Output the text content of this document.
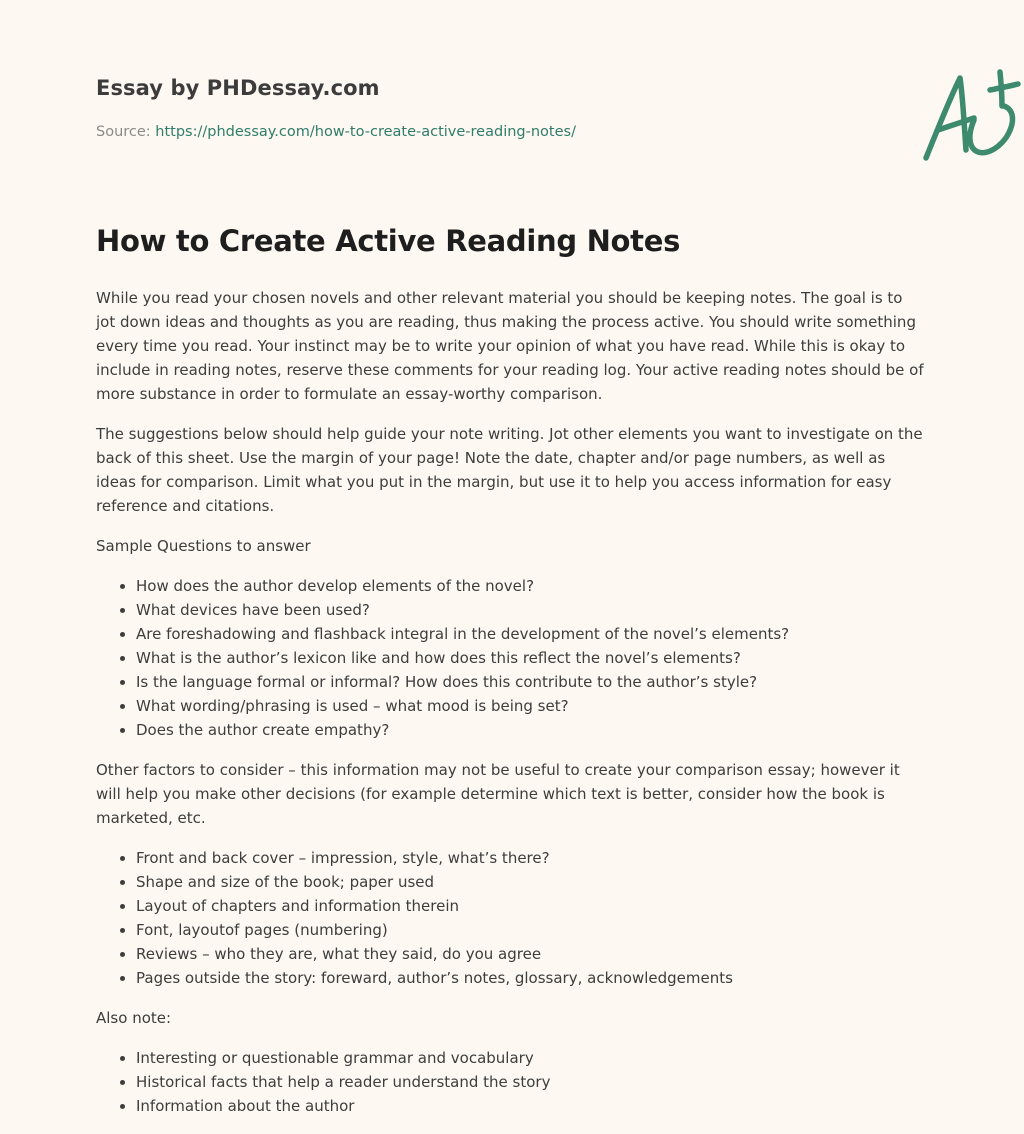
Essay by PHDessay.com
Source: https://phdessay.com/how-to-create-active-reading-notes/
How to Create Active Reading Notes

While you read your chosen novels and other relevant material you should be keeping notes. The goal is to jot down ideas and thoughts as you are reading, thus making the process active. You should write something every time you read. Your instinct may be to write your opinion of what you have read. While this is okay to include in reading notes, reserve these comments for your reading log. Your active reading notes should be of more substance in order to formulate an essay-worthy comparison.

The suggestions below should help guide your note writing. Jot other elements you want to investigate on the back of this sheet. Use the margin of your page! Note the date, chapter and/or page numbers, as well as ideas for comparison. Limit what you put in the margin, but use it to help you access information for easy reference and citations.

Sample Questions to answer

• How does the author develop elements of the novel?
• What devices have been used?
• Are foreshadowing and flashback integral in the development of the novel’s elements?
• What is the author’s lexicon like and how does this reflect the novel’s elements?
• Is the language formal or informal? How does this contribute to the author’s style?
• What wording/phrasing is used – what mood is being set?
• Does the author create empathy?

Other factors to consider – this information may not be useful to create your comparison essay; however it will help you make other decisions (for example determine which text is better, consider how the book is marketed, etc.

• Front and back cover – impression, style, what’s there?
• Shape and size of the book; paper used
• Layout of chapters and information therein
• Font, layoutof pages (numbering)
• Reviews – who they are, what they said, do you agree
• Pages outside the story: foreward, author’s notes, glossary, acknowledgements

Also note:

• Interesting or questionable grammar and vocabulary
• Historical facts that help a reader understand the story
• Information about the author
